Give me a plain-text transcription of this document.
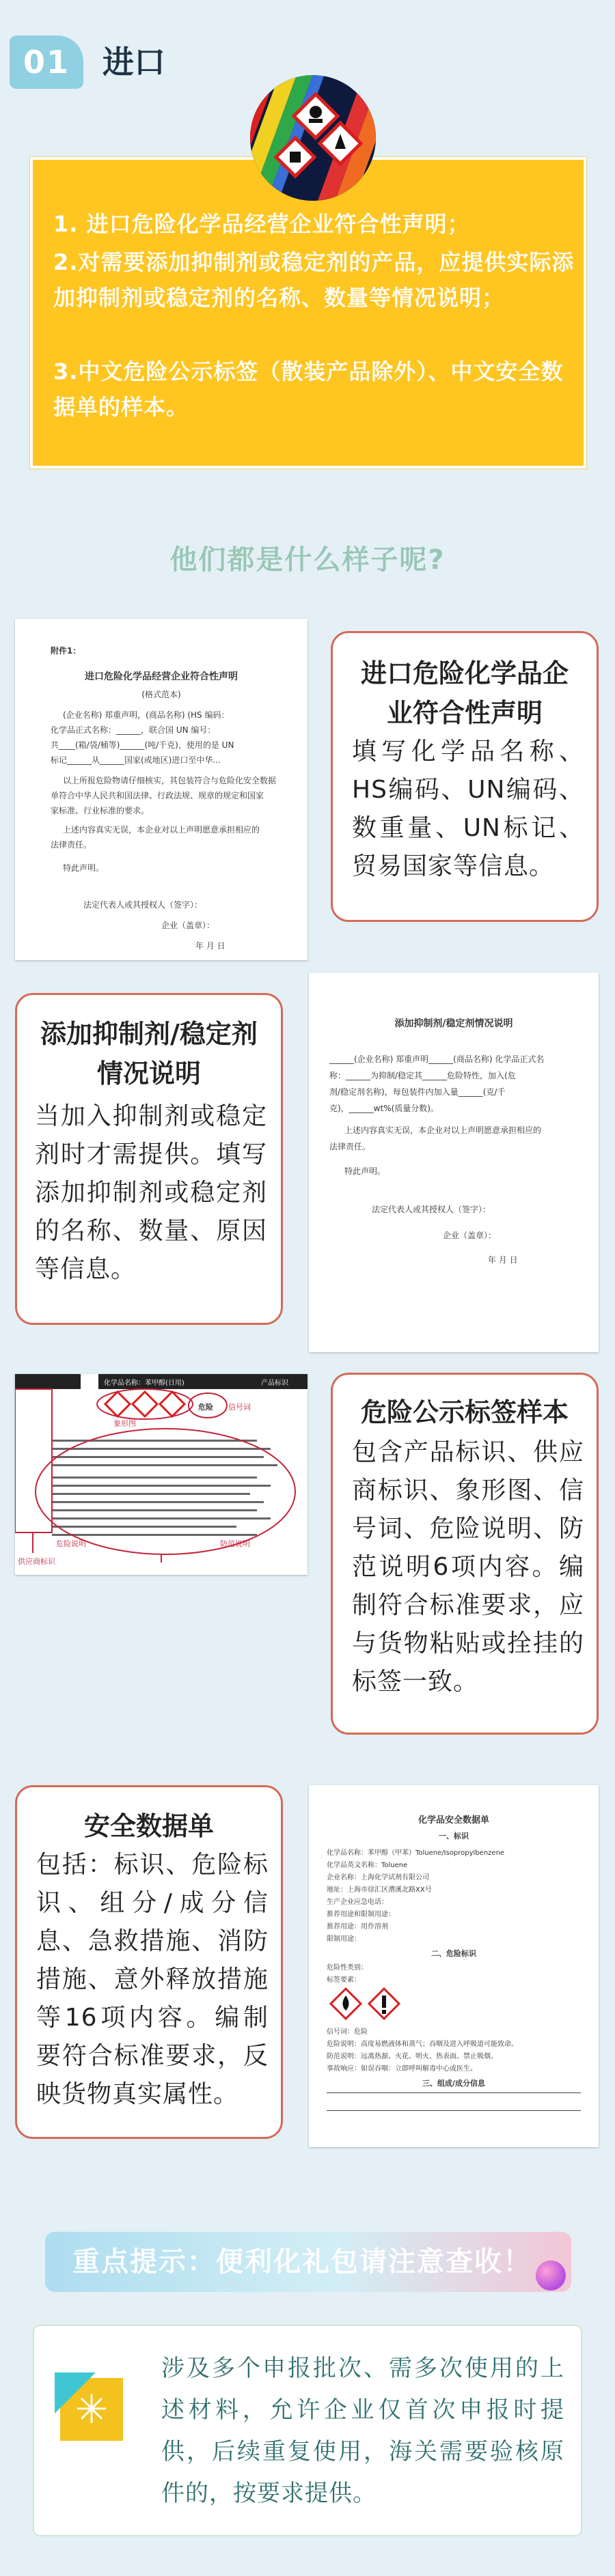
01	进口
1. 进口危险化学品经营企业符合性声明；
2.对需要添加抑制剂或稳定剂的产品，应提供实际添加抑制剂或稳定剂的名称、数量等情况说明；
3.中文危险公示标签（散装产品除外）、中文安全数据单的样本。
他们都是什么样子呢?
附件1：
进口危险化学品经营企业符合性声明
(格式范本)
(企业名称) 郑重声明，(商品名称) (HS 编码：
化学品正式名称：______，联合国 UN 编号：
共____(箱/袋/桶等)______(吨/千克)，使用的是 UN
标记______从______国家(或地区)进口至中华...
以上所报危险物请仔细核实，其包装符合与危险化安全数据
单符合中华人民共和国法律、行政法规、规章的规定和国家
家标准、行业标准的要求。
上述内容真实无误，本企业对以上声明愿意承担相应的
法律责任。
特此声明。
法定代表人或其授权人（签字）：
企业（盖章）：
年 月 日
进口危险化学品企业符合性声明
填写化学品名称、HS编码、UN编码、数重量、UN标记、贸易国家等信息。
添加抑制剂/稳定剂情况说明
当加入抑制剂或稳定剂时才需提供。填写添加抑制剂或稳定剂的名称、数量、原因等信息。
添加抑制剂/稳定剂情况说明
______(企业名称) 郑重声明______(商品名称) 化学品正式名
称：______为抑制/稳定其______危险特性，加入(危
剂/稳定剂名称)，每包装件内加入量______(克/千
克)，______wt%(质量分数)。
上述内容真实无误，本企业对以上声明愿意承担相应的
法律责任。
特此声明。
法定代表人或其授权人（签字）：
企业（盖章）：
年 月 日
化学品名称：苯甲醇(日用)
象形图
信号词
危险
产品标识
危险说明	防范说明
供应商标识
危险公示标签样本
包含产品标识、供应商标识、象形图、信号词、危险说明、防范说明6项内容。编制符合标准要求，应与货物粘贴或拴挂的标签一致。
安全数据单
包括：标识、危险标识、组分/成分信息、急救措施、消防措施、意外释放措施等16项内容。编制要符合标准要求，反映货物真实属性。
化学品安全数据单
一、标识
化学品名称：苯甲醇（甲苯）Toluene/Isopropylbenzene
化学品英文名称：Toluene
企业名称：上海化学试剂有限公司
地址：上海市徐汇区漕溪北路XX号
生产企业应急电话：
推荐用途和限制用途：
推荐用途：用作溶剂
限制用途：
二、危险标识
危险性类别：
标签要素：
信号词：危险
危险说明：高度易燃液体和蒸气；吞咽及进入呼吸道可能致命。
防范说明：远离热源、火花、明火、热表面。禁止吸烟。
事故响应：如误吞咽：立即呼叫解毒中心或医生。
三、组成/成分信息
重点提示：便利化礼包请注意查收！
✳
涉及多个申报批次、需多次使用的上述材料，允许企业仅首次申报时提供，后续重复使用，海关需要验核原件的，按要求提供。
